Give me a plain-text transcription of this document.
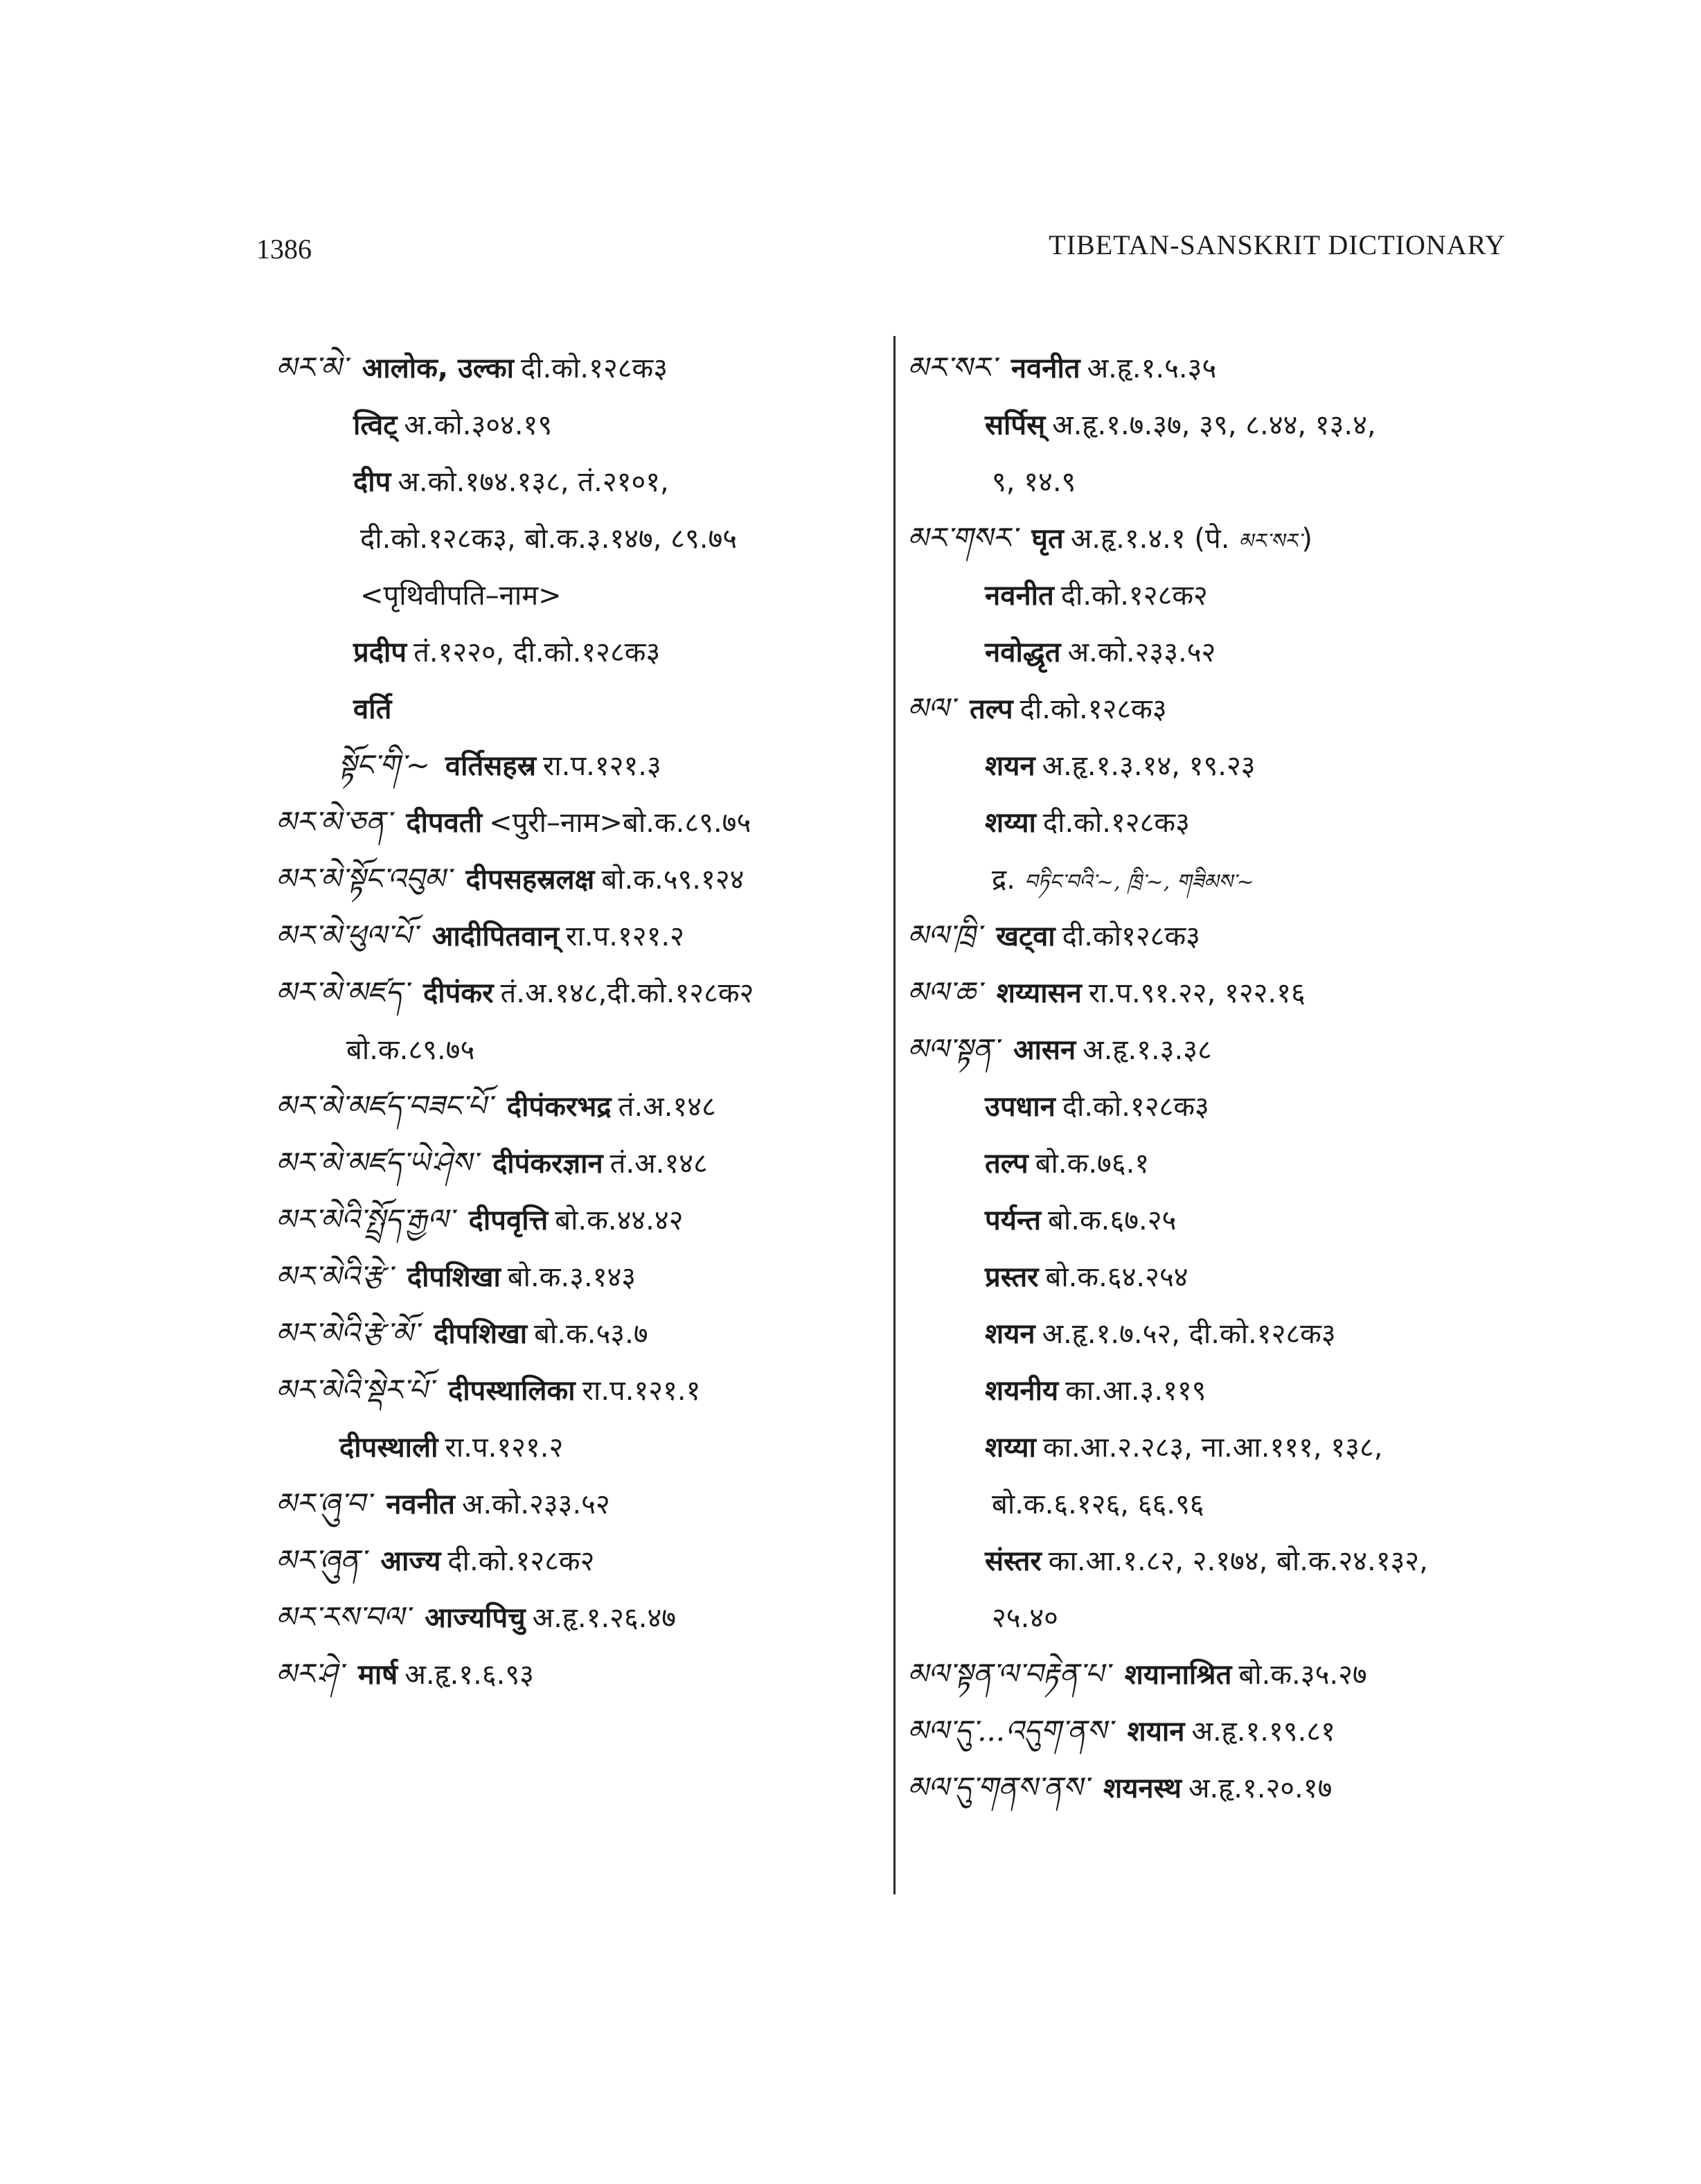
1386	TIBETAN-SANSKRIT DICTIONARY
མར་མེ་ आलोक, उल्का दी.को.१२८क३
त्विट् अ.को.३०४.१९
दीप अ.को.१७४.१३८, तं.२१०१,
दी.को.१२८क३, बो.क.३.१४७, ८९.७५
<पृथिवीपति–नाम>
प्रदीप तं.१२२०, दी.को.१२८क३
वर्ति
སྟོང་གི་~ वर्तिसहस्र रा.प.१२१.३
མར་མེ་ཅན་ दीपवती <पुरी–नाम>बो.क.८९.७५
མར་མེ་སྟོང་འབུམ་ दीपसहस्रलक्ष बो.क.५९.१२४
མར་མེ་ཕུལ་པོ་ आदीपितवान् रा.प.१२१.२
མར་མེ་མཛད་ दीपंकर तं.अ.१४८,दी.को.१२८क२
बो.क.८९.७५
མར་མེ་མཛད་བཟང་པོ་ दीपंकरभद्र तं.अ.१४८
མར་མེ་མཛད་ཡེ་ཤེས་ दीपंकरज्ञान तं.अ.१४८
མར་མེའི་སྤྲོད་རྒྱལ་ दीपवृत्ति बो.क.४४.४२
མར་མེའི་རྩེ་ दीपशिखा बो.क.३.१४३
མར་མེའི་རྩེ་མོ་ दीपशिखा बो.क.५३.७
མར་མེའི་སྡེར་པོ་ दीपस्थालिका रा.प.१२१.१
दीपस्थाली रा.प.१२१.२
མར་ཞུ་བ་ नवनीत अ.को.२३३.५२
མར་ཞུན་ आज्य दी.को.१२८क२
མར་རས་བལ་ आज्यपिचु अ.हृ.१.२६.४७
མར་ཤེ་ मार्ष अ.हृ.१.६.९३
མར་སར་ नवनीत अ.हृ.१.५.३५
सर्पिस् अ.हृ.१.७.३७, ३९, ८.४४, १३.४,
९, १४.९
མར་གསར་ घृत अ.हृ.१.४.१ (पे. མར་སར་)
नवनीत दी.को.१२८क२
नवोद्धृत अ.को.२३३.५२
མལ་ तल्प दी.को.१२८क३
शयन अ.हृ.१.३.१४, १९.२३
शय्या दी.को.१२८क३
द्र. བཏིང་བའི་~, ཁྲི་~, གཟིམས་~
མལ་ཁྲི་ खट्वा दी.को१२८क३
མལ་ཆ་ शय्यासन रा.प.९१.२२, १२२.१६
མལ་སྟན་ आसन अ.हृ.१.३.३८
उपधान दी.को.१२८क३
तल्प बो.क.७६.१
पर्यन्त बो.क.६७.२५
प्रस्तर बो.क.६४.२५४
शयन अ.हृ.१.७.५२, दी.को.१२८क३
शयनीय का.आ.३.११९
शय्या का.आ.२.२८३, ना.आ.१११, १३८,
बो.क.६.१२६, ६६.९६
संस्तर का.आ.१.८२, २.१७४, बो.क.२४.१३२,
२५.४०
མལ་སྟན་ལ་བརྟེན་པ་ शयानाश्रित बो.क.३५.२७
མལ་དུ་...འདུག་ནས་ शयान अ.हृ.१.१९.८१
མལ་དུ་གནས་ནས་ शयनस्थ अ.हृ.१.२०.१७
